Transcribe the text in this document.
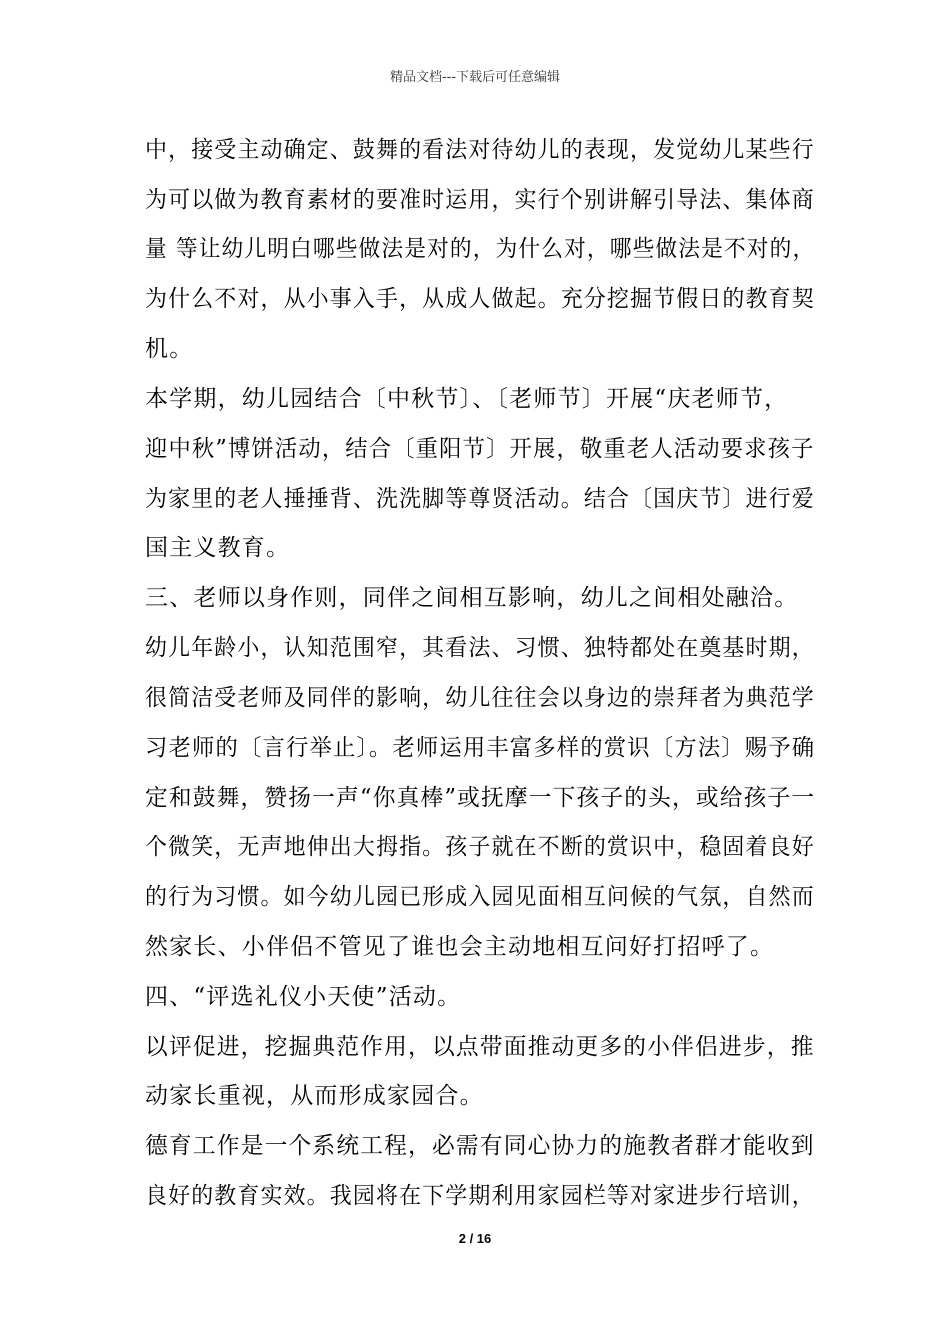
精品文档---下载后可任意编辑
中，接受主动确定、鼓舞的看法对待幼儿的表现，发觉幼儿某些行
为可以做为教育素材的要准时运用，实行个别讲解引导法、集体商
量 等让幼儿明白哪些做法是对的，为什么对，哪些做法是不对的，
为什么不对，从小事入手，从成人做起。充分挖掘节假日的教育契
机。
本学期，幼儿园结合〔中秋节〕、〔老师节〕开展“庆老师节，
迎中秋”博饼活动，结合〔重阳节〕开展，敬重老人活动要求孩子
为家里的老人捶捶背、洗洗脚等尊贤活动。结合〔国庆节〕进行爱
国主义教育。
三、老师以身作则，同伴之间相互影响，幼儿之间相处融洽。
幼儿年龄小，认知范围窄，其看法、习惯、独特都处在奠基时期，
很简洁受老师及同伴的影响，幼儿往往会以身边的崇拜者为典范学
习老师的〔言行举止〕。老师运用丰富多样的赏识〔方法〕赐予确
定和鼓舞，赞扬一声“你真棒”或抚摩一下孩子的头，或给孩子一
个微笑，无声地伸出大拇指。孩子就在不断的赏识中，稳固着良好
的行为习惯。如今幼儿园已形成入园见面相互问候的气氛，自然而
然家长、小伴侣不管见了谁也会主动地相互问好打招呼了。
四、“评选礼仪小天使”活动。
以评促进，挖掘典范作用，以点带面推动更多的小伴侣进步，推
动家长重视，从而形成家园合。
德育工作是一个系统工程，必需有同心协力的施教者群才能收到
良好的教育实效。我园将在下学期利用家园栏等对家进步行培训，
2 / 16
